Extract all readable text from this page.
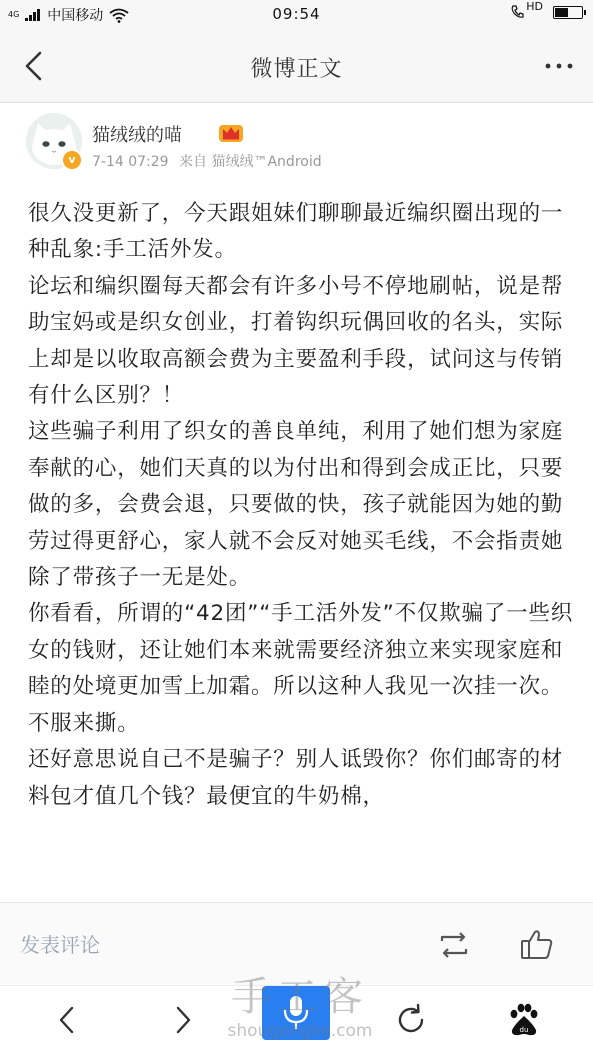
4G 中国移动	09:54	HD
微博正文
v
猫绒绒的喵
7-14 07:29 来自 猫绒绒™Android

很久没更新了，今天跟姐妹们聊聊最近编织圈出现的一种乱象:手工活外发。

论坛和编织圈每天都会有许多小号不停地刷帖，说是帮助宝妈或是织女创业，打着钩织玩偶回收的名头，实际上却是以收取高额会费为主要盈利手段，试问这与传销有什么区别？！

这些骗子利用了织女的善良单纯，利用了她们想为家庭奉献的心，她们天真的以为付出和得到会成正比，只要做的多，会费会退，只要做的快，孩子就能因为她的勤劳过得更舒心，家人就不会反对她买毛线，不会指责她除了带孩子一无是处。

你看看，所谓的“42团”“手工活外发”不仅欺骗了一些织女的钱财，还让她们本来就需要经济独立来实现家庭和睦的处境更加雪上加霜。所以这种人我见一次挂一次。不服来撕。

还好意思说自己不是骗子？别人诋毁你？你们邮寄的材料包才值几个钱？最便宜的牛奶棉，

发表评论
du
手工客
shougongke.com
